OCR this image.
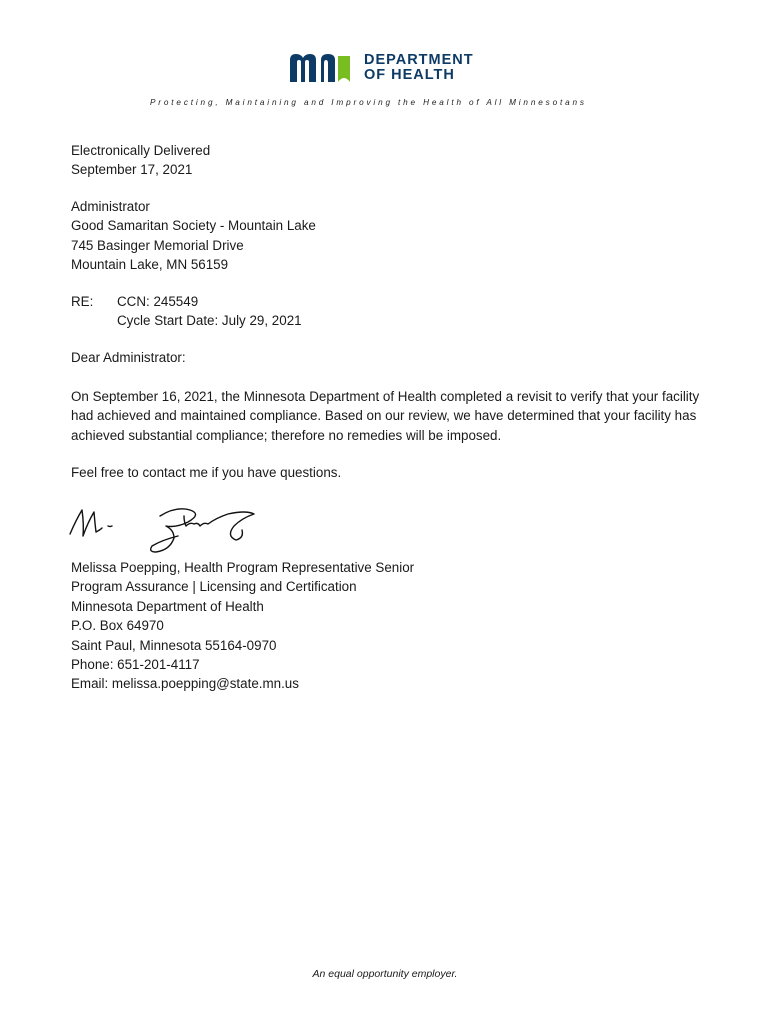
DEPARTMENT
OF HEALTH
Protecting, Maintaining and Improving the Health of All Minnesotans
Electronically Delivered
September 17, 2021
Administrator
Good Samaritan Society - Mountain Lake
745 Basinger Memorial Drive
Mountain Lake, MN 56159
RE: CCN: 245549
Cycle Start Date: July 29, 2021
Dear Administrator:
On September 16, 2021, the Minnesota Department of Health completed a revisit to verify that your facility had achieved and maintained compliance. Based on our review, we have determined that your facility has achieved substantial compliance; therefore no remedies will be imposed.
Feel free to contact me if you have questions.
Melissa Poepping, Health Program Representative Senior
Program Assurance | Licensing and Certification
Minnesota Department of Health
P.O. Box 64970
Saint Paul, Minnesota 55164-0970
Phone: 651-201-4117
Email: melissa.poepping@state.mn.us
An equal opportunity employer.
